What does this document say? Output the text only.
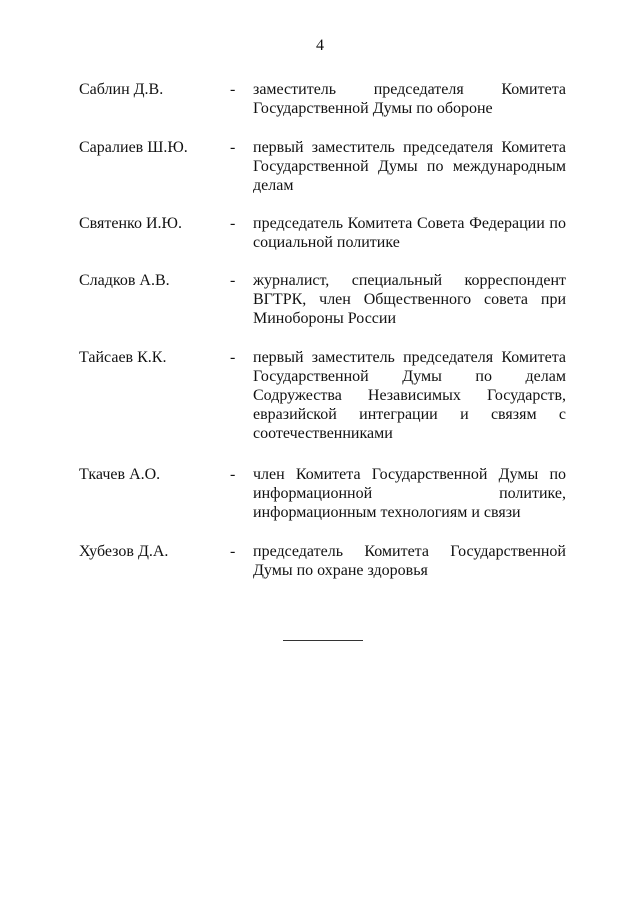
4
Саблин Д.В.	- заместитель председателя Комитета Государственной Думы по обороне
Саралиев Ш.Ю.	- первый заместитель председателя Комитета Государственной Думы по международным делам
Святенко И.Ю.	- председатель Комитета Совета Федерации по социальной политике
Сладков А.В.	- журналист, специальный корреспондент ВГТРК, член Общественного совета при Минобороны России
Тайсаев К.К.	- первый заместитель председателя Комитета Государственной Думы по делам Содружества Независимых Государств, евразийской интеграции и связям с соотечественниками
Ткачев А.О.	- член Комитета Государственной Думы по информационной политике, информационным технологиям и связи
Хубезов Д.А.	- председатель Комитета Государственной Думы по охране здоровья
